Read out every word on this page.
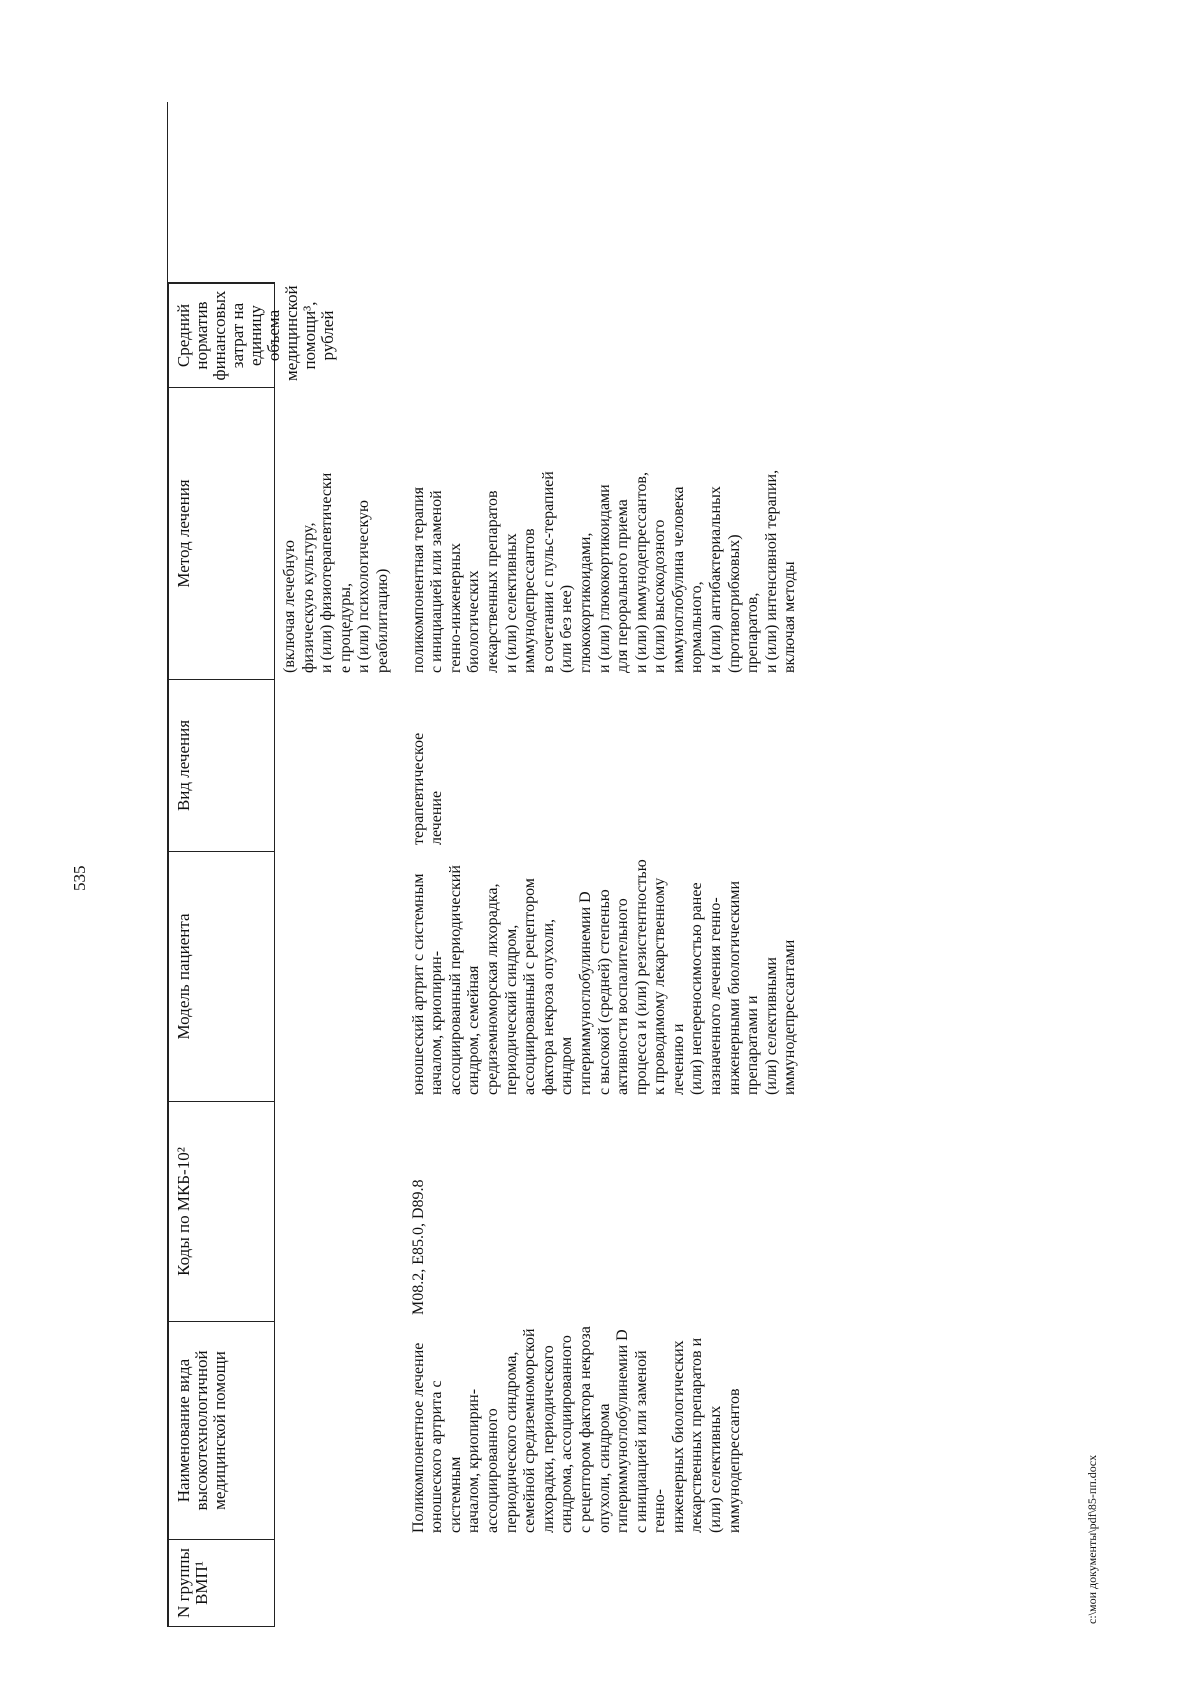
535
N группы ВМП¹
Наименование вида высокотехнологичной медицинской помощи
Коды по МКБ-10²
Модель пациента
Вид лечения
Метод лечения
Средний норматив финансовых затрат на единицу объема медицинской помощи³, рублей
(включая лечебную
физическую культуру,
и (или) физиотерапевтически
е процедуры,
и (или) психологическую
реабилитацию)
Поликомпонентное лечение
юношеского артрита с системным
началом, криопирин-
ассоциированного
периодического синдрома,
семейной средиземноморской
лихорадки, периодического
синдрома, ассоциированного
с рецептором фактора некроза
опухоли, синдрома
гипериммуноглобулинемии D
с инициацией или заменой генно-
инженерных биологических
лекарственных препаратов и
(или) селективных
иммунодепрессантов
M08.2, E85.0, D89.8
юношеский артрит с системным
началом, криопирин-
ассоциированный периодический
синдром, семейная
средиземноморская лихорадка,
периодический синдром,
ассоциированный с рецептором
фактора некроза опухоли,
синдром
гипериммуноглобулинемии D
с высокой (средней) степенью
активности воспалительного
процесса и (или) резистентностью
к проводимому лекарственному
лечению и
(или) непереносимостью ранее
назначенного лечения генно-
инженерными биологическими
препаратами и
(или) селективными
иммунодепрессантами
терапевтическое
лечение
поликомпонентная терапия
с инициацией или заменой
генно-инженерных
биологических
лекарственных препаратов
и (или) селективных
иммунодепрессантов
в сочетании с пульс-терапией
(или без нее)
глюкокортикоидами,
и (или) глюкокортикоидами
для перорального приема
и (или) иммунодепрессантов,
и (или) высокодозного
иммуноглобулина человека
нормального,
и (или) антибактериальных
(противогрибковых)
препаратов,
и (или) интенсивной терапии,
включая методы
c:\мои документы\pdf\85-пп.docx
